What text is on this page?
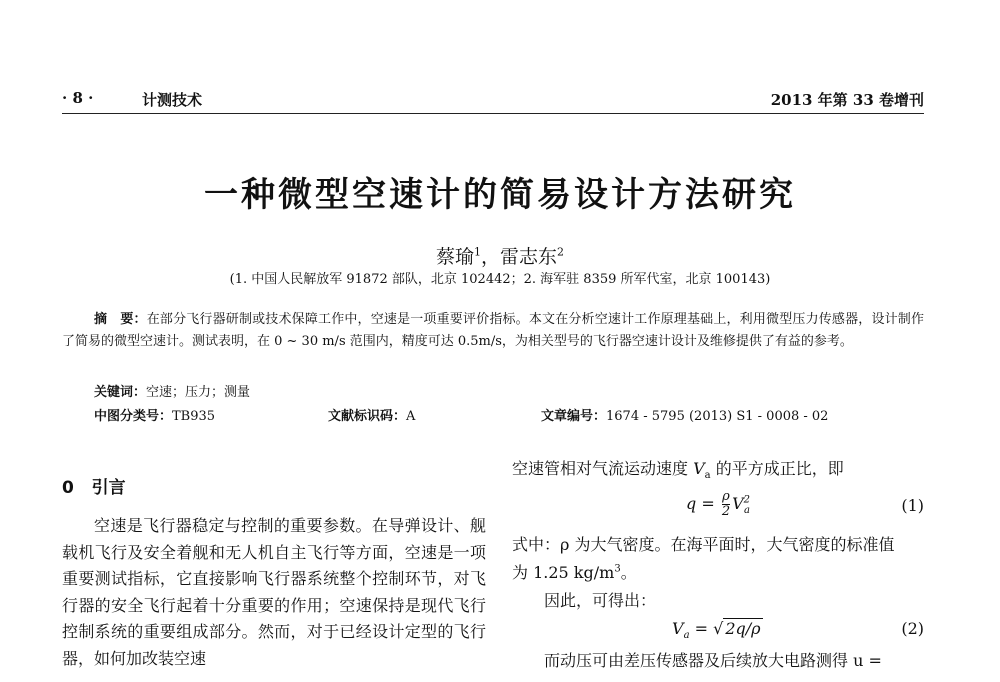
· 8 ·	计测技术	2013 年第 33 卷增刊
一种微型空速计的简易设计方法研究
蔡瑜$^1$，雷志东$^2$
(1. 中国人民解放军 91872 部队，北京 102442；2. 海军驻 8359 所军代室，北京 100143)
摘　要：在部分飞行器研制或技术保障工作中，空速是一项重要评价指标。本文在分析空速计工作原理基础上，利用微型压力传感器，设计制作了简易的微型空速计。测试表明，在 0 ~ 30 m/s 范围内，精度可达 0.5m/s，为相关型号的飞行器空速计设计及维修提供了有益的参考。
关键词：空速；压力；测量
中图分类号：TB935	文献标识码：A	文章编号：1674 - 5795 (2013) S1 - 0008 - 02
0 引言

空速是飞行器稳定与控制的重要参数。在导弹设计、舰载机飞行及安全着舰和无人机自主飞行等方面，空速是一项重要测试指标，它直接影响飞行器系统整个控制环节，对飞行器的安全飞行起着十分重要的作用；空速保持是现代飞行控制系统的重要组成部分。然而，对于已经设计定型的飞行器，如何加改装空速

空速管相对气流运动速度 $V_a$ 的平方成正比，即
$q = \frac{\rho}{2} V^2_a$	(1)
式中：ρ 为大气密度。在海平面时，大气密度的标准值
为 1.25 $kg/m^3$。
因此，可得出：
$V_a$ = √ 2q/ρ	(2)
而动压可由差压传感器及后续放大电路测得 u =
